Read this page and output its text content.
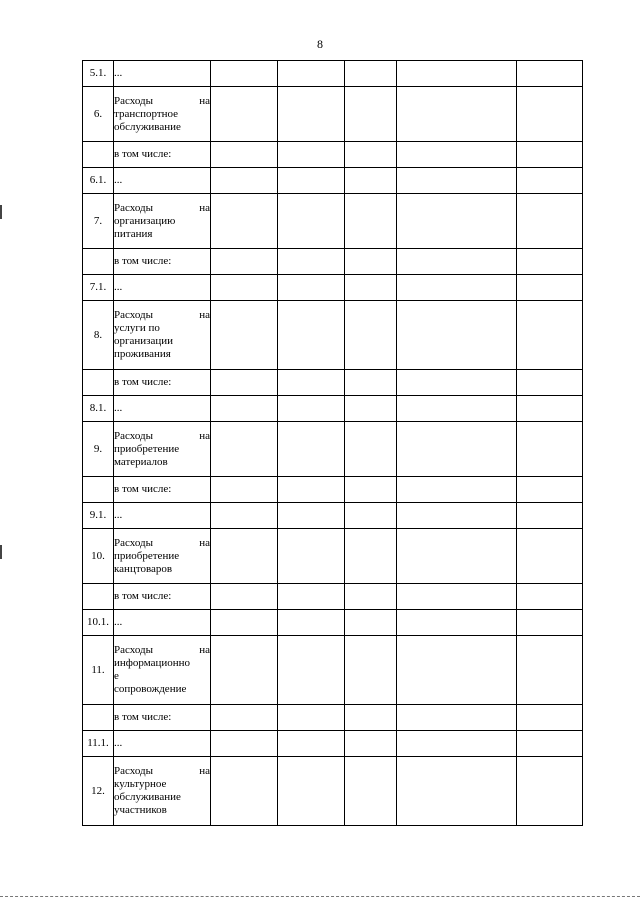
8
5.1.	...					
6.	Расходы на
транспортное
обслуживание					

	в том числе:					
6.1.	...					
7.	Расходы на
организацию
питания					

	в том числе:					
7.1.	...					
8.	Расходы на
услуги по
организации
проживания					

	в том числе:					
8.1.	...					
9.	Расходы на
приобретение
материалов					

	в том числе:					
9.1.	...					
10.	Расходы на
приобретение
канцтоваров					

	в том числе:					
10.1.	...					
11.	Расходы на
информационно
е
сопровождение					

	в том числе:					
11.1.	...					
12.	Расходы на
культурное
обслуживание
участников					
